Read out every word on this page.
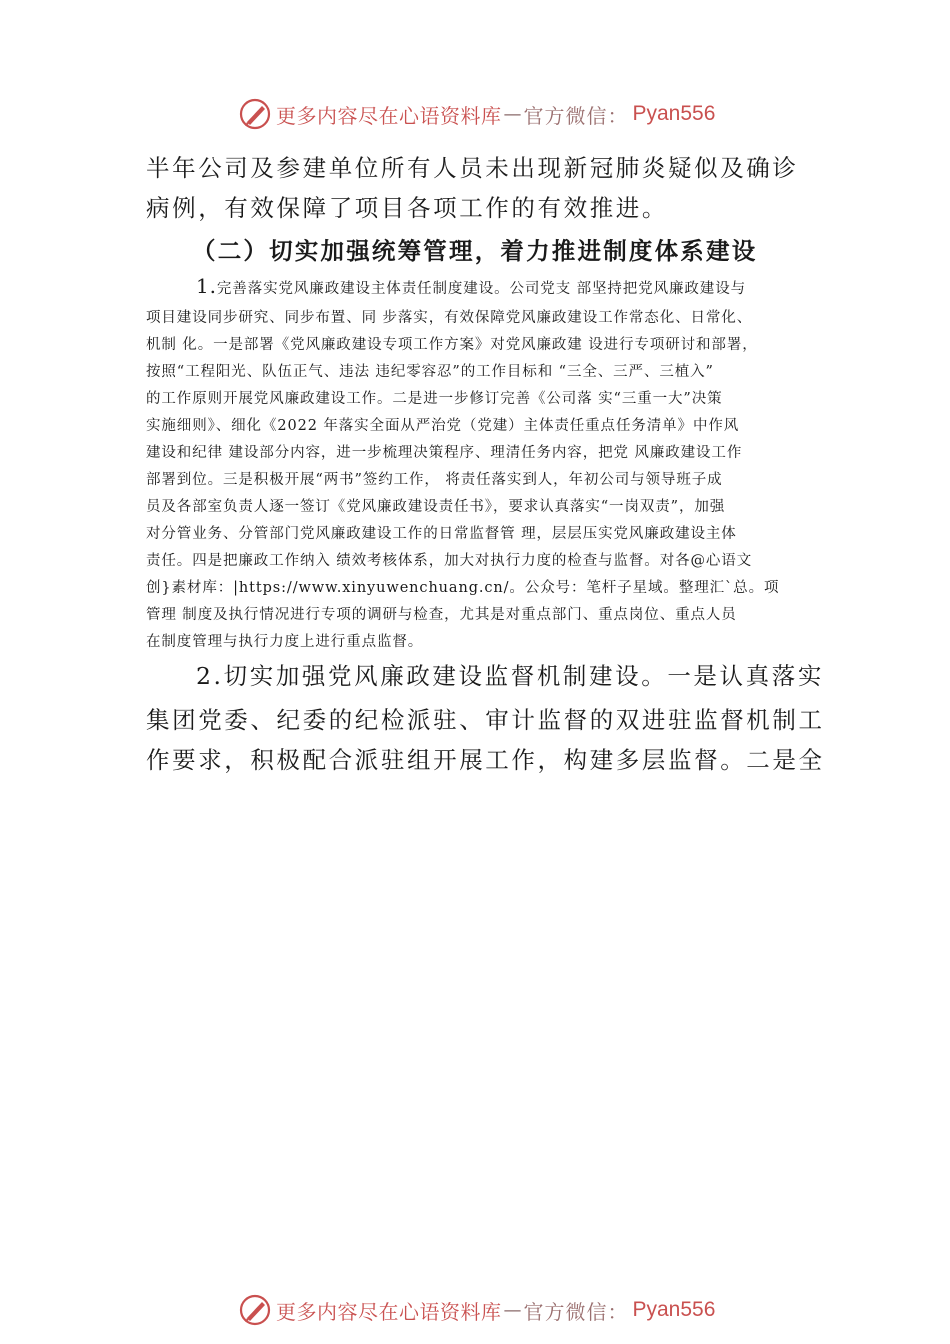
更多内容尽在心语资料库 — 官方微信： Pyan556
半年公司及参建单位所有人员未出现新冠肺炎疑似及确诊
病例，有效保障了项目各项工作的有效推进。
（二）切实加强统筹管理，着力推进制度体系建设
1.完善落实党风廉政建设主体责任制度建设。公司党支 部坚持把党风廉政建设与
项目建设同步研究、同步布置、同 步落实，有效保障党风廉政建设工作常态化、日常化、
机制 化。一是部署《党风廉政建设专项工作方案》对党风廉政建 设进行专项研讨和部署，
按照“工程阳光、队伍正气、违法 违纪零容忍”的工作目标和 “三全、三严、三植入”
的工作原则开展党风廉政建设工作。二是进一步修订完善《公司落 实“三重一大”决策
实施细则》、细化《2022 年落实全面从严治党（党建）主体责任重点任务清单》中作风
建设和纪律 建设部分内容，进一步梳理决策程序、理清任务内容，把党 风廉政建设工作
部署到位。三是积极开展“两书”签约工作， 将责任落实到人，年初公司与领导班子成
员及各部室负责人逐一签订《党风廉政建设责任书》，要求认真落实“一岗双责”，加强
对分管业务、分管部门党风廉政建设工作的日常监督管 理，层层压实党风廉政建设主体
责任。四是把廉政工作纳入 绩效考核体系，加大对执行力度的检查与监督。对各@心语文
创}素材库：|https://www.xinyuwenchuang.cn/。公众号：笔杆子星域。整理汇`总。项
管理 制度及执行情况进行专项的调研与检查，尤其是对重点部门、重点岗位、重点人员
在制度管理与执行力度上进行重点监督。
2.切实加强党风廉政建设监督机制建设。一是认真落实
集团党委、纪委的纪检派驻、审计监督的双进驻监督机制工
作要求，积极配合派驻组开展工作，构建多层监督。二是全
更多内容尽在心语资料库 — 官方微信： Pyan556
